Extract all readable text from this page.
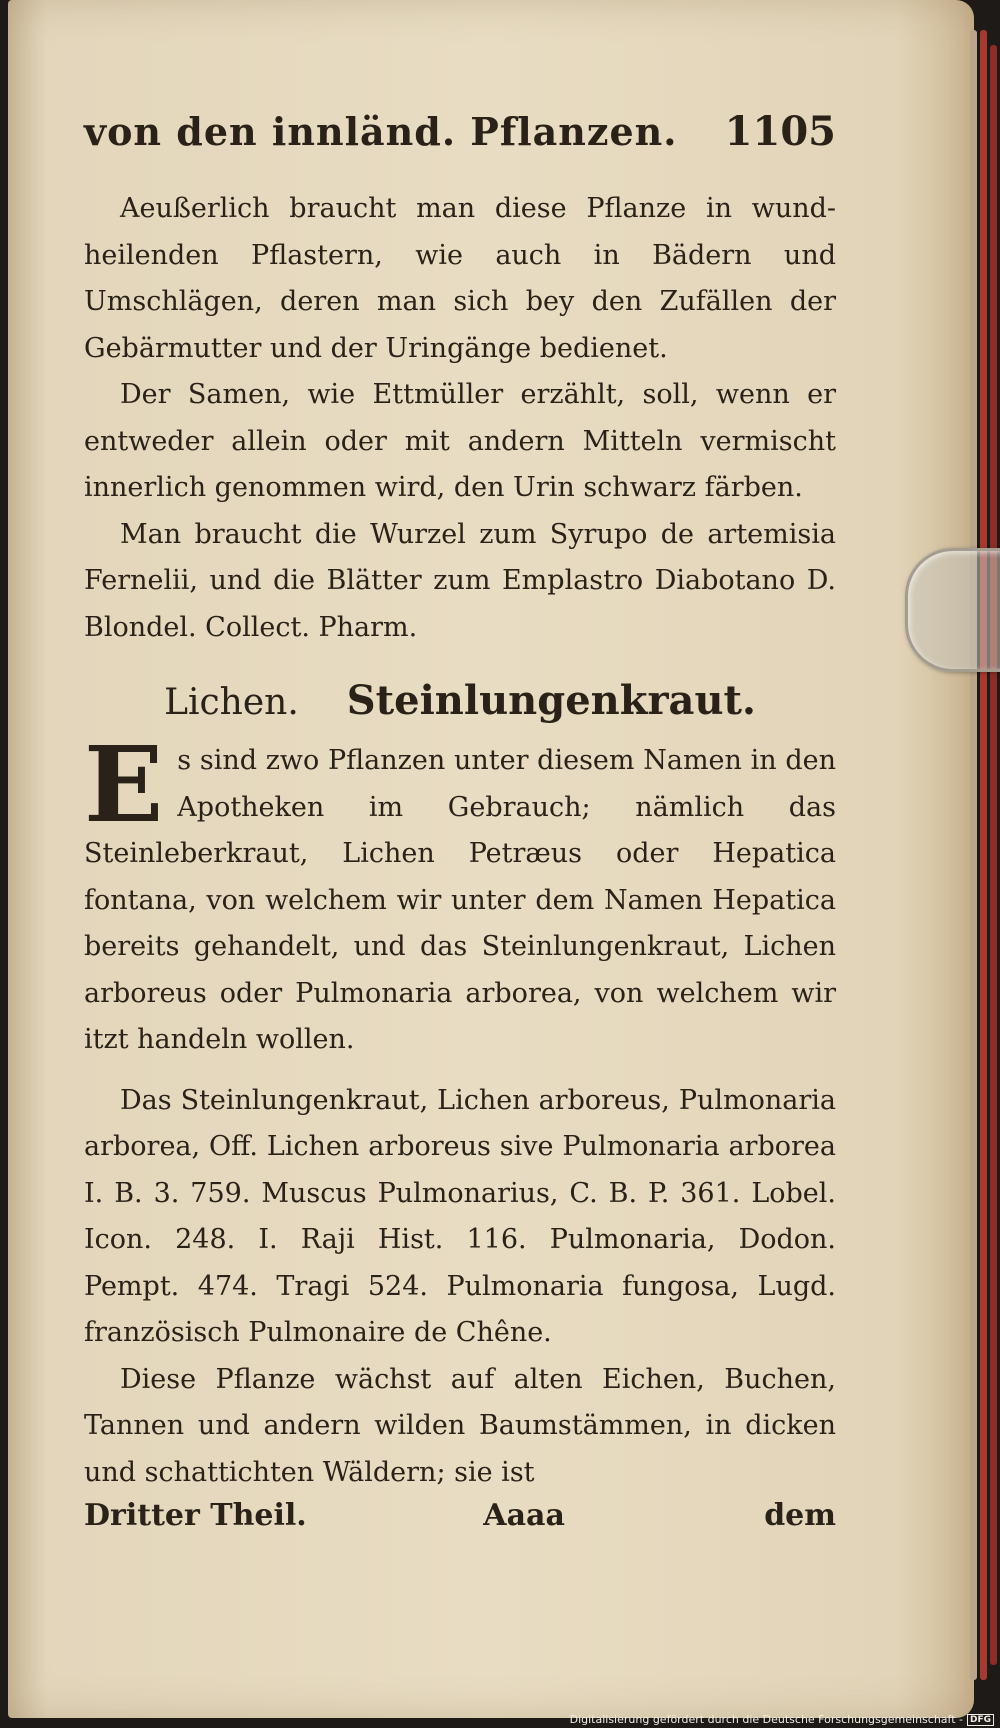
von den innländ. Pflanzen. 1105

Aeußerlich braucht man diese Pflanze in wund-heilenden Pflastern, wie auch in Bädern und Umschlägen, deren man sich bey den Zufällen der Gebärmutter und der Uringänge bedienet.

Der Samen, wie Ettmüller erzählt, soll, wenn er entweder allein oder mit andern Mitteln vermischt innerlich genommen wird, den Urin schwarz färben.

Man braucht die Wurzel zum Syrupo de artemisia Fernelii, und die Blätter zum Emplastro Diabotano D. Blondel. Collect. Pharm.

Lichen. Steinlungenkraut.

Es sind zwo Pflanzen unter diesem Namen in den Apotheken im Gebrauch; nämlich das Steinleberkraut, Lichen Petræus oder Hepatica fontana, von welchem wir unter dem Namen Hepatica bereits gehandelt, und das Steinlungenkraut, Lichen arboreus oder Pulmonaria arborea, von welchem wir itzt handeln wollen.

Das Steinlungenkraut, Lichen arboreus, Pulmonaria arborea, Off. Lichen arboreus sive Pulmonaria arborea I. B. 3. 759. Muscus Pulmonarius, C. B. P. 361. Lobel. Icon. 248. I. Raji Hist. 116. Pulmonaria, Dodon. Pempt. 474. Tragi 524. Pulmonaria fungosa, Lugd. französisch Pulmonaire de Chêne.

Diese Pflanze wächst auf alten Eichen, Buchen, Tannen und andern wilden Baumstämmen, in dicken und schattichten Wäldern; sie ist

Dritter Theil.	Aaaa	dem
Digitalisierung gefördert durch die Deutsche Forschungsgemeinschaft - DFG
